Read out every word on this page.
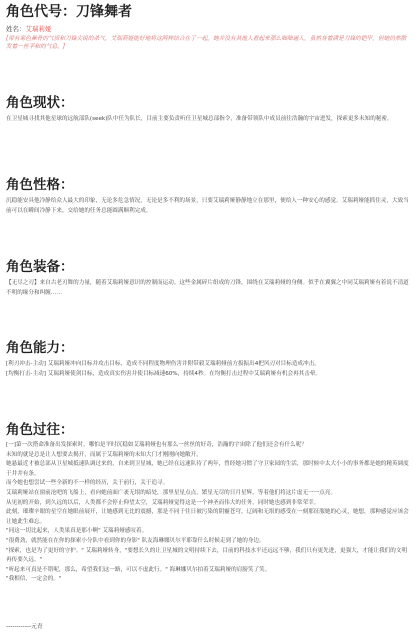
角色代号：刀锋舞者
姓名：艾瑞莉娅

[带有寒色鼻骨的气质和刀锋尖锐的杀气，艾瑞莉娅能好地将这两样结合在了一起。她并没有其他人看起来那么咄咄逼人，虽然身着满是刀锋的铠甲，但她仍然散发着一丝平和的气息。]

角色现状：

在卫星城寻找其他星球的远航部队(seek)队中任为队长，目前主要负责听任卫星城总部指令，准备带领队中成员前往浩瀚的宇宙进发，探索更多未知的秘密。

角色性格：

沉稳能安具他冷静给众人最大的印象，无论多危急情况，无论是多不利的场景，只要艾瑞莉娅静静地立在那里，便给人一种安心的感觉。艾瑞莉娅能抓住灵，大致当前可以在瞬间冷静下来，交给她的任务总能圆满顺利完成。

角色装备：

【无尽之刃】来自古老刃舞的力量，随着艾瑞莉娅意识的控制而运动。这些金属碎片组成的刀锋，围绕在艾瑞莉娅的身侧。似乎在翼翼之中同艾瑞莉娅有着说不清道不明的缘分和纠缠……

角色能力：

[利刃冲击-主动] 艾瑞莉娅冲向目标并攻击目标，造成不同程度物理伤害并附带毅艾瑞莉娅前方扳振出4把风刃对目标造成冲击。

[均衡打击-主动] 艾瑞莉娅使剑目标，造成真实伤害并使目标减速60%，持续4秒。在均衡打击过程中艾瑞莉娅有机会再其击晕。

角色过往：

[一]第一次搭命准备出发探索时，哪怕是平时沉稳如艾瑞莉娅也有那么一丝丝的好奇，浩瀚的宇宙除了他们还会有什么呢？

未知的就是总是让人想要去揭开，而属于艾瑞莉娅的未知大门才刚刚向她敞开。

她悬最近才被总部从卫星城抵速队调过来的，自来到卫星城，她已经在远速队待了两年，曾经她习惯了守卫家园的生活，那时候中太大小小的事务都是她的精英调度于井井有条。

而今她也想尝试一些全新的不一样的经历，关于前行，关于追寻。

艾瑞莉娅站在窗前沧吧的飞船上，看向她前面广袤无垠的暗处，那里星星点点，繁星无尽的日月星辉，等着他们将这片虚无一一点亮。

从见初的开始，到久远的以后，人类都不会停止仰望太空，艾瑞莉娅觉得这是一个神圣而伟大的任务，同时她也感到非常荣幸。

此刻，璀璨辛眼的星空在她眼前展开，让她感到无比的震撼，那是不同于往日被污染的阴霾苍穹，辽阔和无垠的感受在一刻那征服她的心灵，她想，那种感觉应该会让她此生难忘。

"同这一切比起来，人类果真是那小啊" 艾瑞莉娅感叹着。

"很费劲，就然能在在你的探索小分队中看到你的身影" 队友海琳娜贝尔平耶靠什么时候走到了她的身边。

"探索，也是为了更好的守护。" 艾瑞莉娅转身，"要想长久的让卫星城的文明持续下去，目前的科技水平还远远不够，我们只有更先进，更强大，才能让我们的文明再传要久远。"

"听起来可真是不错呢，那么，希望我们这一路，可以不虚此行。" 海琳娜贝尔拍着艾瑞莉娅的肩膀笑了笑。

"我相信，一定会的。"

------------元青
